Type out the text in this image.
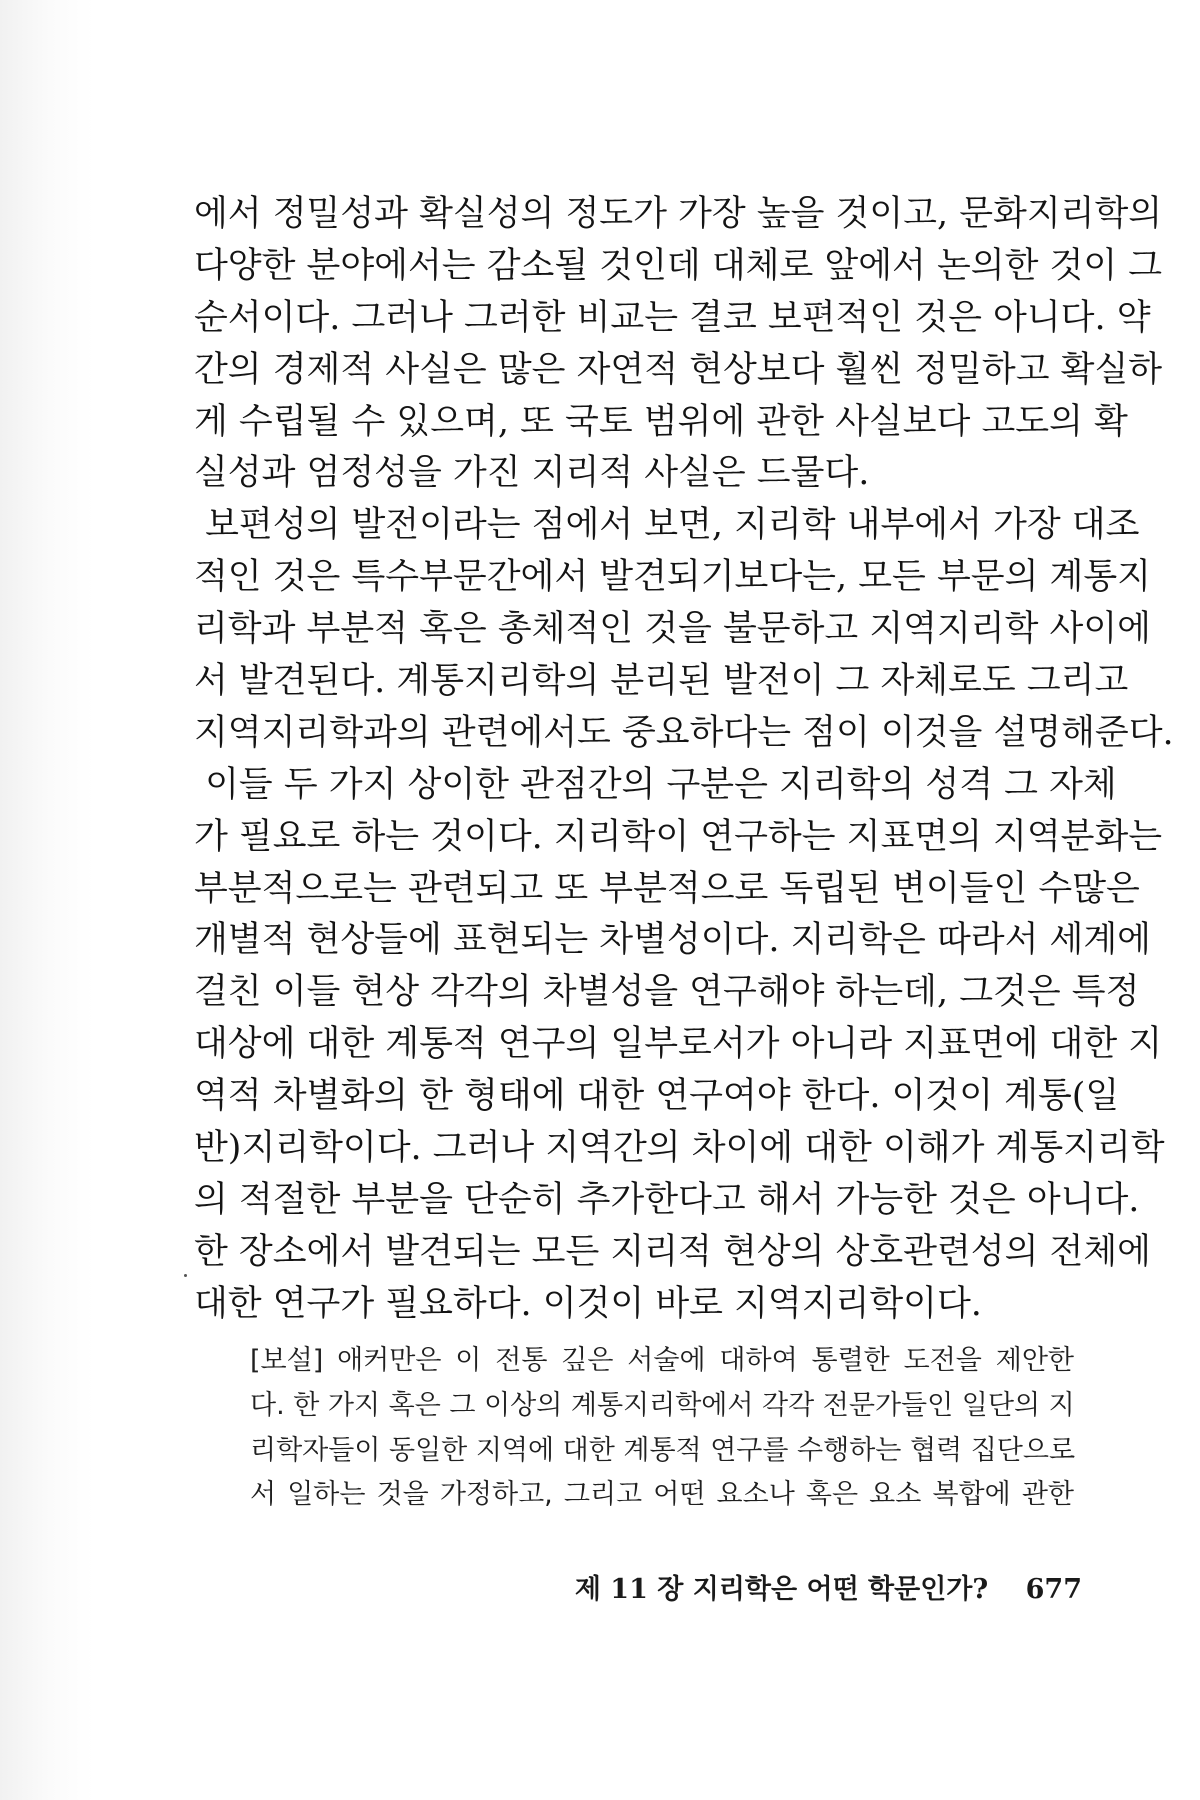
에서 정밀성과 확실성의 정도가 가장 높을 것이고, 문화지리학의
다양한 분야에서는 감소될 것인데 대체로 앞에서 논의한 것이 그
순서이다. 그러나 그러한 비교는 결코 보편적인 것은 아니다. 약
간의 경제적 사실은 많은 자연적 현상보다 훨씬 정밀하고 확실하
게 수립될 수 있으며, 또 국토 범위에 관한 사실보다 고도의 확
실성과 엄정성을 가진 지리적 사실은 드물다.
보편성의 발전이라는 점에서 보면, 지리학 내부에서 가장 대조
적인 것은 특수부문간에서 발견되기보다는, 모든 부문의 계통지
리학과 부분적 혹은 총체적인 것을 불문하고 지역지리학 사이에
서 발견된다. 계통지리학의 분리된 발전이 그 자체로도 그리고
지역지리학과의 관련에서도 중요하다는 점이 이것을 설명해준다.
이들 두 가지 상이한 관점간의 구분은 지리학의 성격 그 자체
가 필요로 하는 것이다. 지리학이 연구하는 지표면의 지역분화는
부분적으로는 관련되고 또 부분적으로 독립된 변이들인 수많은
개별적 현상들에 표현되는 차별성이다. 지리학은 따라서 세계에
걸친 이들 현상 각각의 차별성을 연구해야 하는데, 그것은 특정
대상에 대한 계통적 연구의 일부로서가 아니라 지표면에 대한 지
역적 차별화의 한 형태에 대한 연구여야 한다. 이것이 계통(일
반)지리학이다. 그러나 지역간의 차이에 대한 이해가 계통지리학
의 적절한 부분을 단순히 추가한다고 해서 가능한 것은 아니다.
한 장소에서 발견되는 모든 지리적 현상의 상호관련성의 전체에
대한 연구가 필요하다. 이것이 바로 지역지리학이다.
[보설] 애커만은 이 전통 깊은 서술에 대하여 통렬한 도전을 제안한
다. 한 가지 혹은 그 이상의 계통지리학에서 각각 전문가들인 일단의 지
리학자들이 동일한 지역에 대한 계통적 연구를 수행하는 협력 집단으로
서 일하는 것을 가정하고, 그리고 어떤 요소나 혹은 요소 복합에 관한
제 11 장 지리학은 어떤 학문인가? 677
